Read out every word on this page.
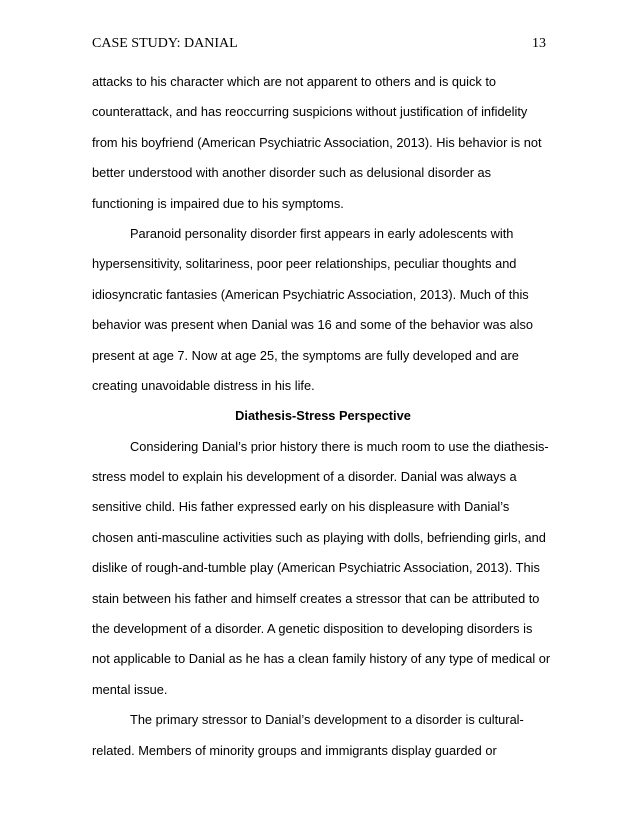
CASE STUDY: DANIAL	13
attacks to his character which are not apparent to others and is quick to
counterattack, and has reoccurring suspicions without justification of infidelity
from his boyfriend (American Psychiatric Association, 2013). His behavior is not
better understood with another disorder such as delusional disorder as
functioning is impaired due to his symptoms.
Paranoid personality disorder first appears in early adolescents with
hypersensitivity, solitariness, poor peer relationships, peculiar thoughts and
idiosyncratic fantasies (American Psychiatric Association, 2013). Much of this
behavior was present when Danial was 16 and some of the behavior was also
present at age 7. Now at age 25, the symptoms are fully developed and are
creating unavoidable distress in his life.
Diathesis-Stress Perspective
Considering Danial’s prior history there is much room to use the diathesis-
stress model to explain his development of a disorder. Danial was always a
sensitive child. His father expressed early on his displeasure with Danial’s
chosen anti-masculine activities such as playing with dolls, befriending girls, and
dislike of rough-and-tumble play (American Psychiatric Association, 2013). This
stain between his father and himself creates a stressor that can be attributed to
the development of a disorder. A genetic disposition to developing disorders is
not applicable to Danial as he has a clean family history of any type of medical or
mental issue.
The primary stressor to Danial’s development to a disorder is cultural-
related. Members of minority groups and immigrants display guarded or
